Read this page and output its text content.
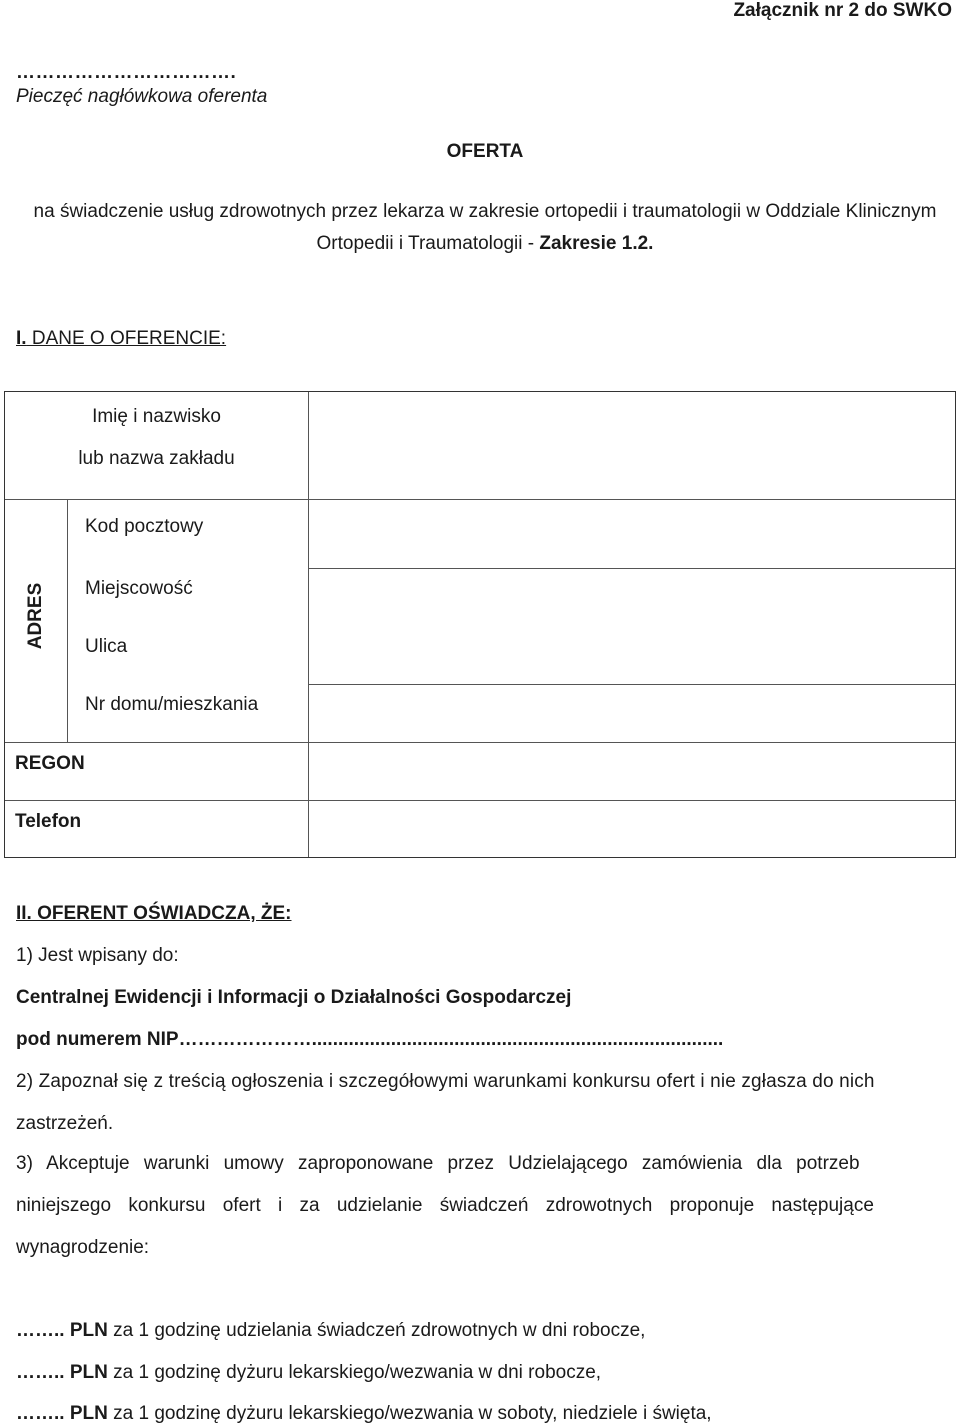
Załącznik nr 2 do SWKO
…………………………….
Pieczęć nagłówkowa oferenta
OFERTA
na świadczenie usług zdrowotnych przez lekarza w zakresie ortopedii i traumatologii w Oddziale Klinicznym Ortopedii i Traumatologii - Zakresie 1.2.
I. DANE O OFERENCIE:
Imię i nazwisko
lub nazwa zakładu
ADRES
Kod pocztowy
Miejscowość
Ulica
Nr domu/mieszkania
REGON
Telefon
II. OFERENT OŚWIADCZA, ŻE:
1) Jest wpisany do:
Centralnej Ewidencji i Informacji o Działalności Gospodarczej
pod numerem NIP…………………..............................................................................
2) Zapoznał się z treścią ogłoszenia i szczegółowymi warunkami konkursu ofert i nie zgłasza do nich
zastrzeżeń.
3) Akceptuje warunki umowy zaproponowane przez Udzielającego zamówienia dla potrzeb
niniejszego konkursu ofert i za udzielanie świadczeń zdrowotnych proponuje następujące
wynagrodzenie:
…….. PLN za 1 godzinę udzielania świadczeń zdrowotnych w dni robocze,
…….. PLN za 1 godzinę dyżuru lekarskiego/wezwania w dni robocze,
…….. PLN za 1 godzinę dyżuru lekarskiego/wezwania w soboty, niedziele i święta,
